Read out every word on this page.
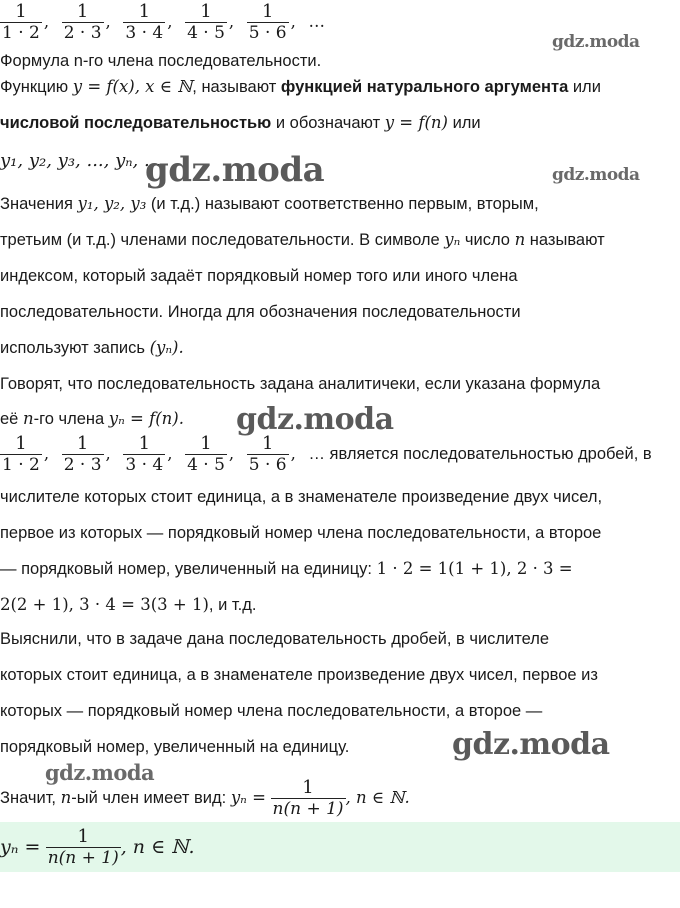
$\frac{1}{1 \cdot 2}$ , $\frac{1}{2 \cdot 3}$ , $\frac{1}{3 \cdot 4}$ , $\frac{1}{4 \cdot 5}$ , $\frac{1}{5 \cdot 6}$ , …
gdz.moda
Формула n-го члена последовательности.
Функцию y = f(x), x ∈ ℕ, называют функцией натурального аргумента или
числовой последовательностью и обозначают y = f(n) или
y₁, y₂, y₃, ..., yₙ, ...
gdz.moda	gdz.moda
Значения y₁, y₂, y₃ (и т.д.) называют соответственно первым, вторым,
третьим (и т.д.) членами последовательности. В символе yₙ число n называют
индексом, который задаёт порядковый номер того или иного члена
последовательности. Иногда для обозначения последовательности
используют запись (yₙ).
Говорят, что последовательность задана аналитичеки, если указана формула
её n-го члена yₙ = f(n). gdz.moda
$\frac{1}{1 \cdot 2}$ , $\frac{1}{2 \cdot 3}$ , $\frac{1}{3 \cdot 4}$ , $\frac{1}{4 \cdot 5}$ , $\frac{1}{5 \cdot 6}$ , … является последовательностью дробей, в
числителе которых стоит единица, а в знаменателе произведение двух чисел,
первое из которых — порядковый номер члена последовательности, а второе
— порядковый номер, увеличенный на единицу: 1 · 2 = 1(1 + 1), 2 · 3 =
2(2 + 1), 3 · 4 = 3(3 + 1), и т.д.
Выяснили, что в задаче дана последовательность дробей, в числителе
которых стоит единица, а в знаменателе произведение двух чисел, первое из
которых — порядковый номер члена последовательности, а второе —
порядковый номер, увеличенный на единицу.	gdz.moda
gdz.moda
Значит, n-ый член имеет вид: $y_n = \frac{1}{n(n + 1)}$ , n ∈ ℕ.
$y_n = \frac{1}{n(n + 1)}$ , n ∈ ℕ.
